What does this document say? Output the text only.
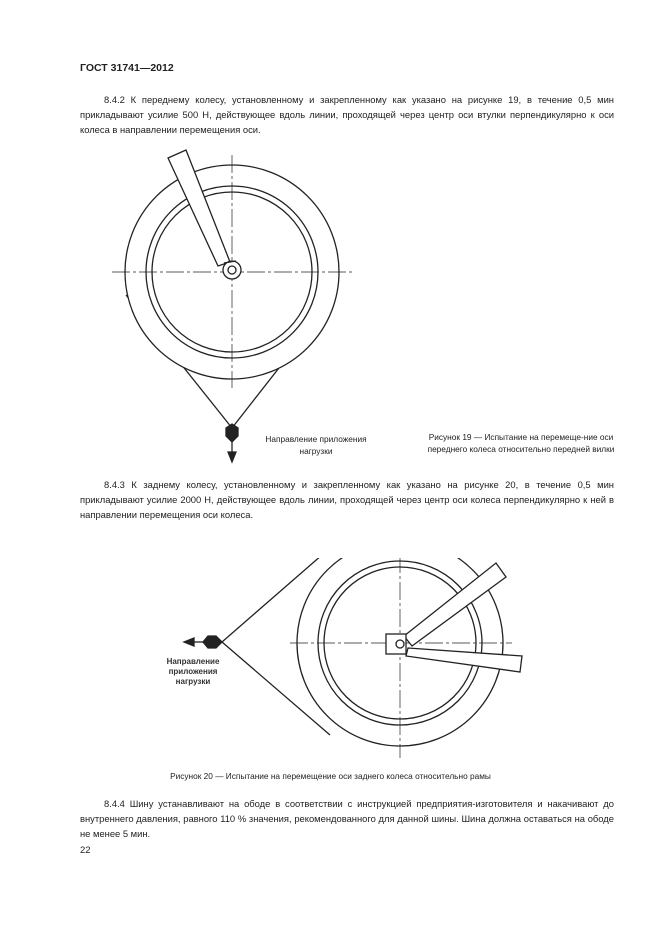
ГОСТ 31741—2012

8.4.2 К переднему колесу, установленному и закрепленному как указано на рисунке 19, в течение 0,5 мин прикладывают усилие 500 Н, действующее вдоль линии, проходящей через центр оси втулки перпендикулярно к оси колеса в направлении перемещения оси.

Направление приложения нагрузки
Рисунок 19 — Испытание на перемеще-ние оси переднего колеса относительно передней вилки

8.4.3 К заднему колесу, установленному и закрепленному как указано на рисунке 20, в течение 0,5 мин прикладывают усилие 2000 Н, действующее вдоль линии, проходящей через центр оси колеса перпендикулярно к ней в направлении перемещения оси колеса.

Направление приложения нагрузки
Рисунок 20 — Испытание на перемещение оси заднего колеса относительно рамы

8.4.4 Шину устанавливают на ободе в соответствии с инструкцией предприятия-изготовителя и накачивают до внутреннего давления, равного 110 % значения, рекомендованного для данной шины. Шина должна оставаться на ободе не менее 5 мин.

22
